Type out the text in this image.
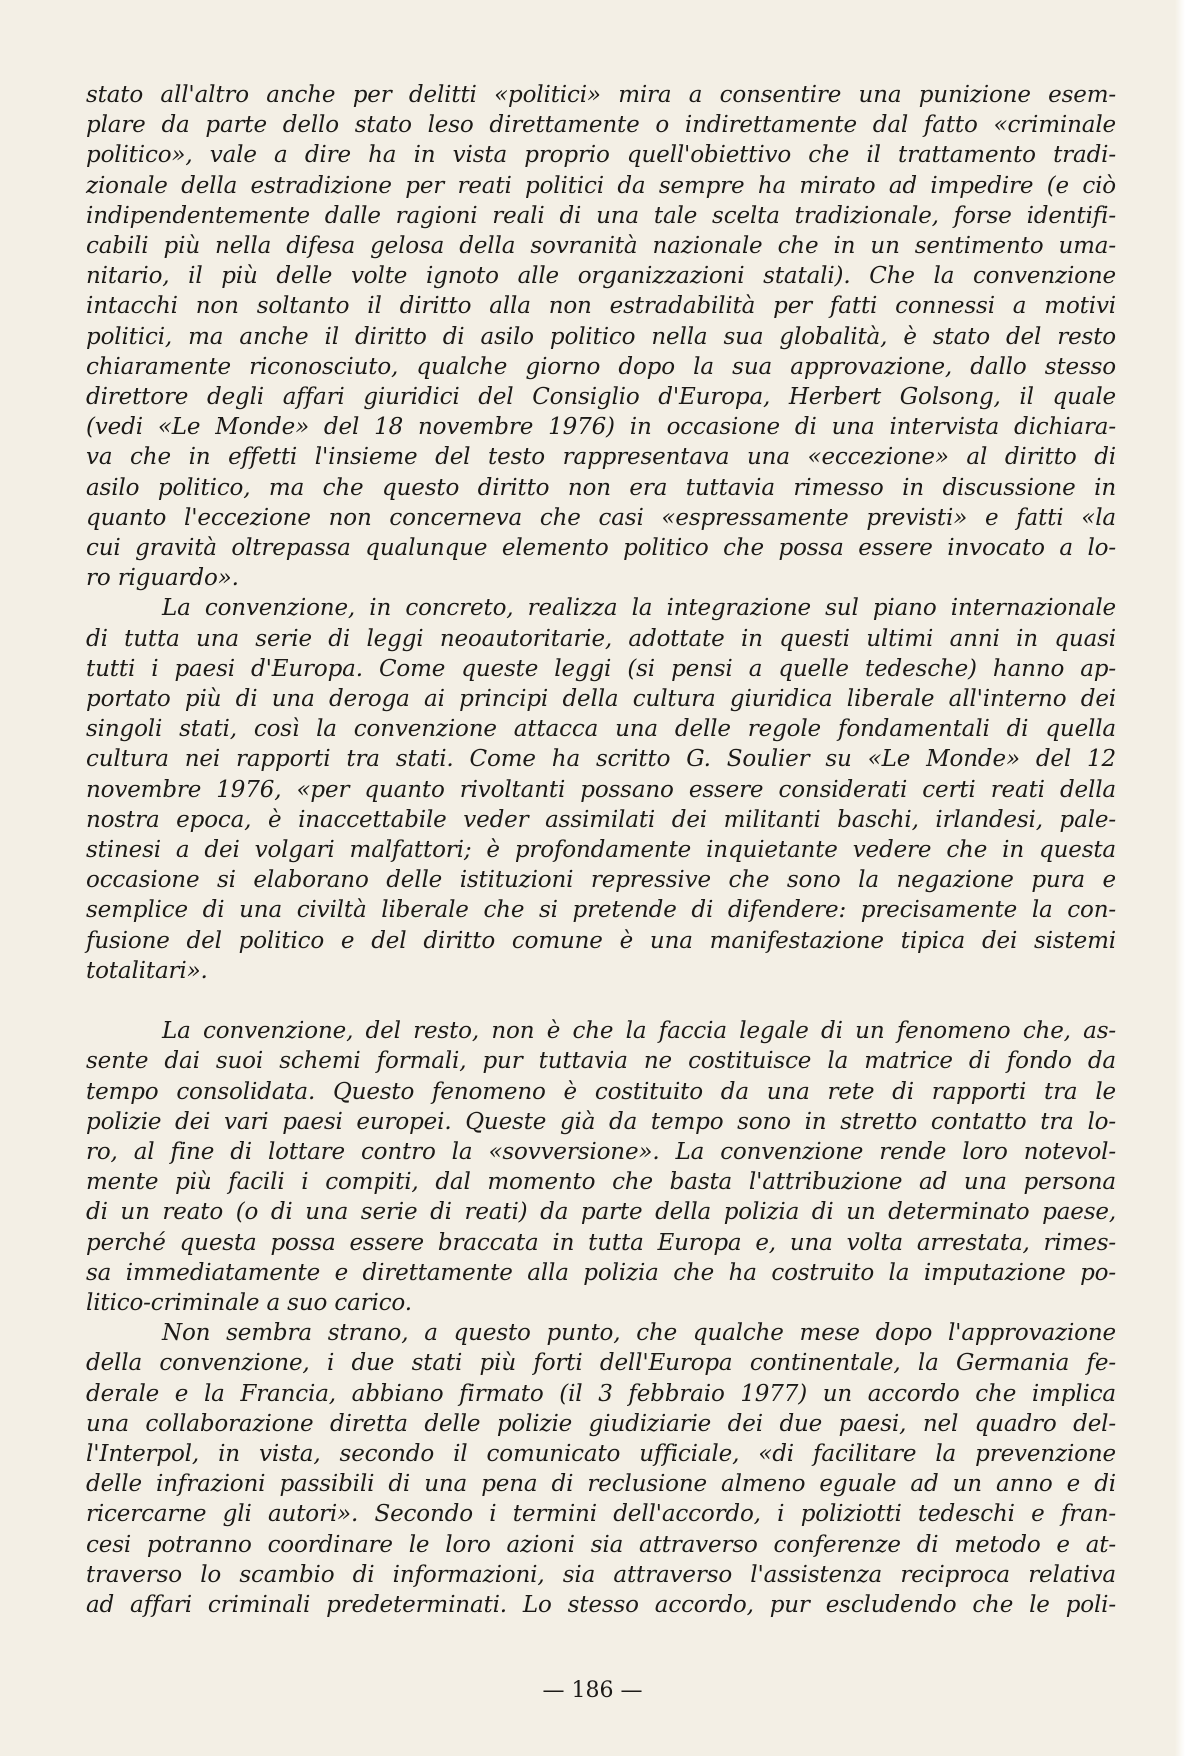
stato all'altro anche per delitti «politici» mira a consentire una punizione esem-
plare da parte dello stato leso direttamente o indirettamente dal fatto «criminale
politico», vale a dire ha in vista proprio quell'obiettivo che il trattamento tradi-
zionale della estradizione per reati politici da sempre ha mirato ad impedire (e ciò
indipendentemente dalle ragioni reali di una tale scelta tradizionale, forse identifi-
cabili più nella difesa gelosa della sovranità nazionale che in un sentimento uma-
nitario, il più delle volte ignoto alle organizzazioni statali). Che la convenzione
intacchi non soltanto il diritto alla non estradabilità per fatti connessi a motivi
politici, ma anche il diritto di asilo politico nella sua globalità, è stato del resto
chiaramente riconosciuto, qualche giorno dopo la sua approvazione, dallo stesso
direttore degli affari giuridici del Consiglio d'Europa, Herbert Golsong, il quale
(vedi «Le Monde» del 18 novembre 1976) in occasione di una intervista dichiara-
va che in effetti l'insieme del testo rappresentava una «eccezione» al diritto di
asilo politico, ma che questo diritto non era tuttavia rimesso in discussione in
quanto l'eccezione non concerneva che casi «espressamente previsti» e fatti «la
cui gravità oltrepassa qualunque elemento politico che possa essere invocato a lo-
ro riguardo».

La convenzione, in concreto, realizza la integrazione sul piano internazionale
di tutta una serie di leggi neoautoritarie, adottate in questi ultimi anni in quasi
tutti i paesi d'Europa. Come queste leggi (si pensi a quelle tedesche) hanno ap-
portato più di una deroga ai principi della cultura giuridica liberale all'interno dei
singoli stati, così la convenzione attacca una delle regole fondamentali di quella
cultura nei rapporti tra stati. Come ha scritto G. Soulier su «Le Monde» del 12
novembre 1976, «per quanto rivoltanti possano essere considerati certi reati della
nostra epoca, è inaccettabile veder assimilati dei militanti baschi, irlandesi, pale-
stinesi a dei volgari malfattori; è profondamente inquietante vedere che in questa
occasione si elaborano delle istituzioni repressive che sono la negazione pura e
semplice di una civiltà liberale che si pretende di difendere: precisamente la con-
fusione del politico e del diritto comune è una manifestazione tipica dei sistemi
totalitari».

La convenzione, del resto, non è che la faccia legale di un fenomeno che, as-
sente dai suoi schemi formali, pur tuttavia ne costituisce la matrice di fondo da
tempo consolidata. Questo fenomeno è costituito da una rete di rapporti tra le
polizie dei vari paesi europei. Queste già da tempo sono in stretto contatto tra lo-
ro, al fine di lottare contro la «sovversione». La convenzione rende loro notevol-
mente più facili i compiti, dal momento che basta l'attribuzione ad una persona
di un reato (o di una serie di reati) da parte della polizia di un determinato paese,
perché questa possa essere braccata in tutta Europa e, una volta arrestata, rimes-
sa immediatamente e direttamente alla polizia che ha costruito la imputazione po-
litico-criminale a suo carico.

Non sembra strano, a questo punto, che qualche mese dopo l'approvazione
della convenzione, i due stati più forti dell'Europa continentale, la Germania fe-
derale e la Francia, abbiano firmato (il 3 febbraio 1977) un accordo che implica
una collaborazione diretta delle polizie giudiziarie dei due paesi, nel quadro del-
l'Interpol, in vista, secondo il comunicato ufficiale, «di facilitare la prevenzione
delle infrazioni passibili di una pena di reclusione almeno eguale ad un anno e di
ricercarne gli autori». Secondo i termini dell'accordo, i poliziotti tedeschi e fran-
cesi potranno coordinare le loro azioni sia attraverso conferenze di metodo e at-
traverso lo scambio di informazioni, sia attraverso l'assistenza reciproca relativa
ad affari criminali predeterminati. Lo stesso accordo, pur escludendo che le poli-

— 186 —
